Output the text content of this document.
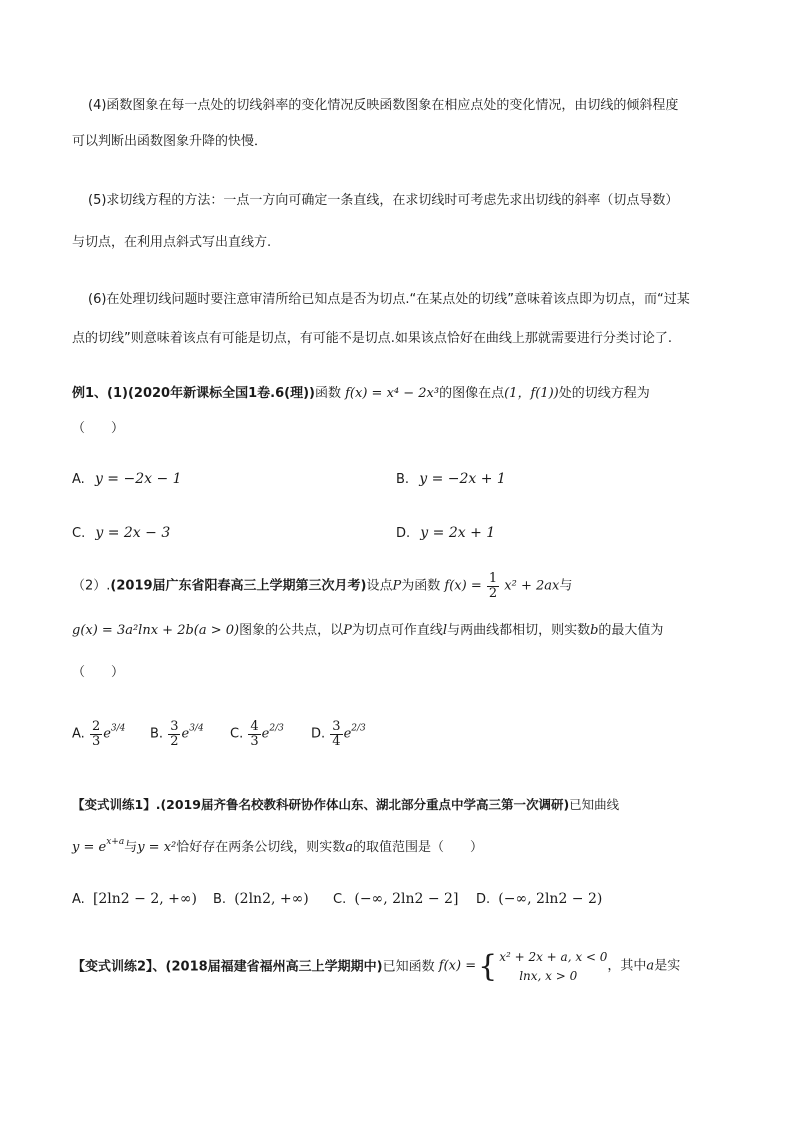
(4)函数图象在每一点处的切线斜率的变化情况反映函数图象在相应点处的变化情况，由切线的倾斜程度
可以判断出函数图象升降的快慢．
(5)求切线方程的方法：一点一方向可确定一条直线，在求切线时可考虑先求出切线的斜率（切点导数）
与切点，在利用点斜式写出直线方.
(6)在处理切线问题时要注意审清所给已知点是否为切点.“在某点处的切线”意味着该点即为切点，而“过某
点的切线”则意味着该点有可能是切点，有可能不是切点.如果该点恰好在曲线上那就需要进行分类讨论了.
例1、(1)(2020年新课标全国1卷.6(理))函数 f(x) = x⁴ − 2x³的图像在点(1，f(1))处的切线方程为
（　　）
A. y = −2x − 1	B. y = −2x + 1
C. y = 2x − 3	D. y = 2x + 1
（2）.(2019届广东省阳春高三上学期第三次月考)设点P为函数 $f(x) = \frac{1}{2} x^2 + 2ax$与
g(x) = 3a²lnx + 2b(a > 0)图象的公共点，以P为切点可作直线l与两曲线都相切，则实数b的最大值为
（　　）
A. $\frac{2}{3} e^{3/4}$ B. $\frac{3}{2} e^{3/4}$ C. $\frac{4}{3} e^{2/3}$ D. $\frac{3}{4} e^{2/3}$
【变式训练1】.(2019届齐鲁名校教科研协作体山东、湖北部分重点中学高三第一次调研)已知曲线
$y = e^{x+a}$与y = x²恰好存在两条公切线，则实数a的取值范围是（　　）
A. [2ln2 − 2, +∞) B. (2ln2, +∞) C. (−∞, 2ln2 − 2] D. (−∞, 2ln2 − 2)
【变式训练2】、(2018届福建省福州高三上学期期中)已知函数 f(x) ={ x² + 2x + a, x < 0
lnx, x > 0
，其中a是实
